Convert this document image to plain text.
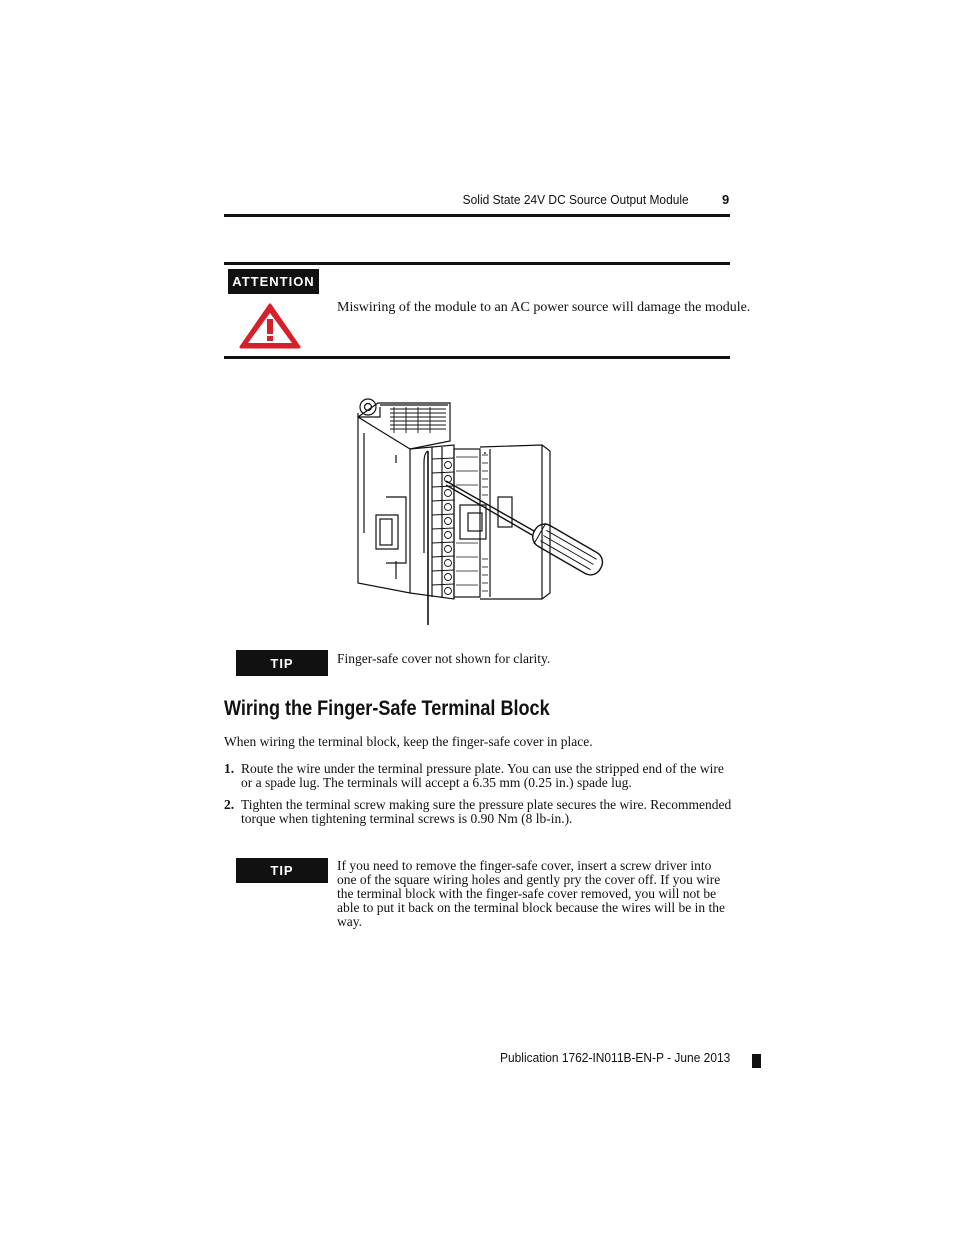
Solid State 24V DC Source Output Module	9
ATTENTION
Miswiring of the module to an AC power source will damage the module.
TIP	Finger-safe cover not shown for clarity.
Wiring the Finger-Safe Terminal Block
When wiring the terminal block, keep the finger-safe cover in place.
1. Route the wire under the terminal pressure plate. You can use the stripped end of the wire or a spade lug. The terminals will accept a 6.35 mm (0.25 in.) spade lug.
2. Tighten the terminal screw making sure the pressure plate secures the wire. Recommended torque when tightening terminal screws is 0.90 Nm (8 lb-in.).
TIP	If you need to remove the finger-safe cover, insert a screw driver into one of the square wiring holes and gently pry the cover off. If you wire the terminal block with the finger-safe cover removed, you will not be able to put it back on the terminal block because the wires will be in the way.
Publication 1762-IN011B-EN-P - June 2013
